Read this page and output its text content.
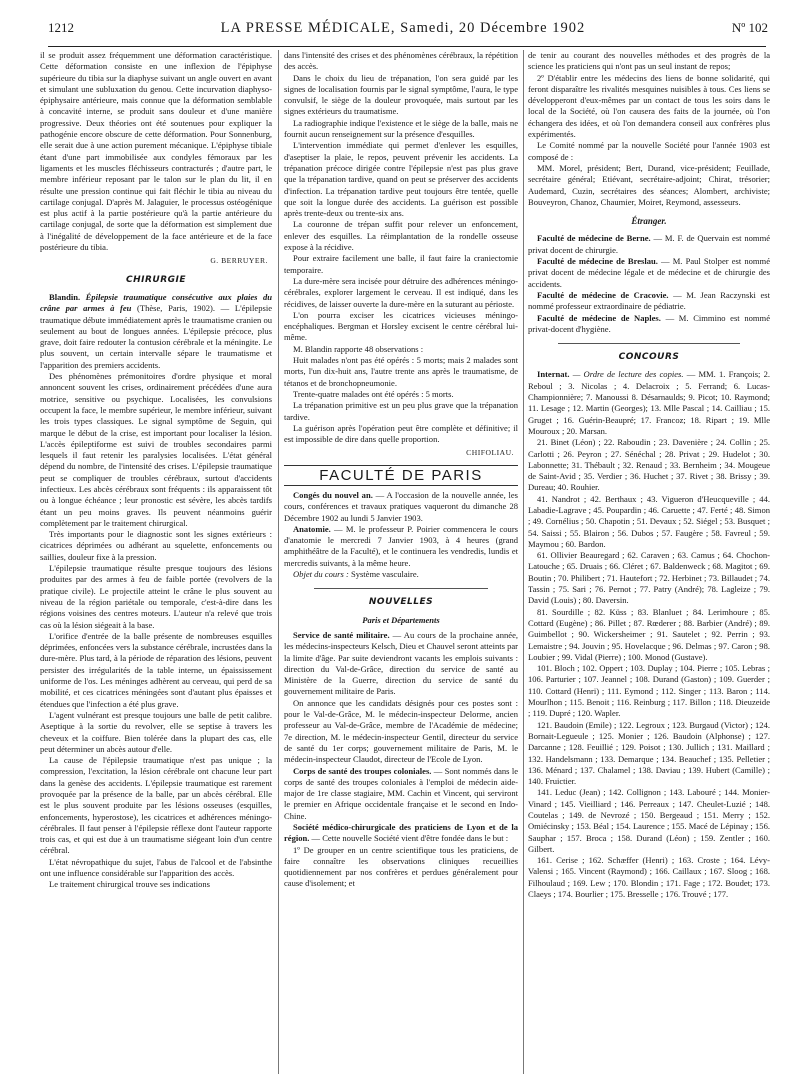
1212	LA PRESSE MÉDICALE, Samedi, 20 Décembre 1902	Nº 102

il se produit assez fréquemment une déformation caractéristique. Cette déformation consiste en une inflexion de l'épiphyse supérieure du tibia sur la diaphyse suivant un angle ouvert en avant et simulant une subluxation du genou. Cette incurvation diaphyso-épiphysaire antérieure, mais connue que la déformation semblable à concavité interne, se produit sans douleur et d'une manière progressive. Deux théories ont été soutenues pour expliquer la pathogénie encore obscure de cette déformation. Pour Sonnenburg, elle serait due à une action purement mécanique. L'épiphyse tibiale étant d'une part immobilisée aux condyles fémoraux par les ligaments et les muscles fléchisseurs contracturés ; d'autre part, le membre inférieur reposant par le talon sur le plan du lit, il en résulte une pression continue qui fait fléchir le tibia au niveau du cartilage conjugal. D'après M. Jalaguier, le processus ostéogénique est plus actif à la partie postérieure qu'à la partie antérieure du cartilage conjugal, de sorte que la déformation est simplement due à l'inégalité de développement de la face antérieure et de la face postérieure du tibia.

G. BERRUYER.
CHIRURGIE

Blandin. Épilepsie traumatique consécutive aux plaies du crâne par armes à feu (Thèse, Paris, 1902). — L'épilepsie traumatique débute immédiatement après le traumatisme cranien ou seulement au bout de longues années. L'épilepsie précoce, plus grave, doit faire redouter la contusion cérébrale et la méningite. Le plus souvent, un certain intervalle sépare le traumatisme et l'apparition des premiers accidents.

Des phénomènes prémonitoires d'ordre physique et moral annoncent souvent les crises, ordinairement précédées d'une aura motrice, sensitive ou psychique. Localisées, les convulsions occupent la face, le membre supérieur, le membre inférieur, suivant les trois types classiques. Le signal symptôme de Seguin, qui marque le début de la crise, est important pour localiser la lésion. L'accès épileptiforme est suivi de troubles secondaires parmi lesquels il faut retenir les paralysies localisées. L'état général dépend du nombre, de l'intensité des crises. L'épilepsie traumatique peut se compliquer de troubles cérébraux, surtout d'accidents infectieux. Les abcès cérébraux sont fréquents : ils apparaissent tôt ou à longue échéance ; leur pronostic est sévère, les abcès tardifs étant un peu moins graves. Ils peuvent néanmoins guérir complètement par le traitement chirurgical.

Très importants pour le diagnostic sont les signes extérieurs : cicatrices déprimées ou adhérant au squelette, enfoncements ou saillies, douleur fixe à la pression.

L'épilepsie traumatique résulte presque toujours des lésions produites par des armes à feu de faible portée (revolvers de la pratique civile). Le projectile atteint le crâne le plus souvent au niveau de la région pariétale ou temporale, c'est-à-dire dans les régions voisines des centres moteurs. L'auteur n'a relevé que trois cas où la lésion siégeait à la base.

L'orifice d'entrée de la balle présente de nombreuses esquilles déprimées, enfoncées vers la substance cérébrale, incrustées dans la dure-mère. Plus tard, à la période de réparation des lésions, peuvent persister des irrégularités de la table interne, un épaississement uniforme de l'os. Les méninges adhèrent au cerveau, qui perd de sa mobilité, et ces cicatrices méningées sont d'autant plus épaisses et étendues que l'infection a été plus grave.

L'agent vulnérant est presque toujours une balle de petit calibre. Aseptique à la sortie du revolver, elle se septise à travers les cheveux et la coiffure. Bien tolérée dans la plupart des cas, elle peut déterminer un abcès autour d'elle.

La cause de l'épilepsie traumatique n'est pas unique ; la compression, l'excitation, la lésion cérébrale ont chacune leur part dans la genèse des accidents. L'épilepsie traumatique est rarement provoquée par la présence de la balle, par un abcès cérébral. Elle est le plus souvent produite par les lésions osseuses (esquilles, enfoncements, hyperostose), les cicatrices et adhérences méningo-cérébrales. Il faut penser à l'épilepsie réflexe dont l'auteur rapporte trois cas, et qui est due à un traumatisme siégeant loin d'un centre cérébral.

L'état névropathique du sujet, l'abus de l'alcool et de l'absinthe ont une influence considérable sur l'apparition des accès.

Le traitement chirurgical trouve ses indications

dans l'intensité des crises et des phénomènes cérébraux, la répétition des accès.

Dans le choix du lieu de trépanation, l'on sera guidé par les signes de localisation fournis par le signal symptôme, l'aura, le type convulsif, le siège de la douleur provoquée, mais surtout par les signes extérieurs du traumatisme.

La radiographie indique l'existence et le siège de la balle, mais ne fournit aucun renseignement sur la présence d'esquilles.

L'intervention immédiate qui permet d'enlever les esquilles, d'aseptiser la plaie, le repos, peuvent prévenir les accidents. La trépanation précoce dirigée contre l'épilepsie n'est pas plus grave que la trépanation tardive, quand on peut se préserver des accidents d'infection. La trépanation tardive peut toujours être tentée, quelle que soit la longue durée des accidents. La guérison est possible après trente-deux ou trente-six ans.

La couronne de trépan suffit pour relever un enfoncement, enlever des esquilles. La réimplantation de la rondelle osseuse expose à la récidive.

Pour extraire facilement une balle, il faut faire la craniectomie temporaire.

La dure-mère sera incisée pour détruire des adhérences méningo-cérébrales, explorer largement le cerveau. Il est indiqué, dans les récidives, de laisser ouverte la dure-mère en la suturant au périoste.

L'on pourra exciser les cicatrices vicieuses méningo-encéphaliques. Bergman et Horsley excisent le centre cérébral lui-même.

M. Blandin rapporte 48 observations :

Huit malades n'ont pas été opérés : 5 morts; mais 2 malades sont morts, l'un dix-huit ans, l'autre trente ans après le traumatisme, de tétanos et de bronchopneumonie.

Trente-quatre malades ont été opérés : 5 morts.

La trépanation primitive est un peu plus grave que la trépanation tardive.

La guérison après l'opération peut être complète et définitive; il est impossible de dire dans quelle proportion.

CHIFOLIAU.
FACULTÉ DE PARIS

Congés du nouvel an. — A l'occasion de la nouvelle année, les cours, conférences et travaux pratiques vaqueront du dimanche 28 Décembre 1902 au lundi 5 Janvier 1903.

Anatomie. — M. le professeur P. Poirier commencera le cours d'anatomie le mercredi 7 Janvier 1903, à 4 heures (grand amphithéâtre de la Faculté), et le continuera les vendredis, lundis et mercredis suivants, à la même heure.

Objet du cours : Système vasculaire.

NOUVELLES
Paris et Départements

Service de santé militaire. — Au cours de la prochaine année, les médecins-inspecteurs Kelsch, Dieu et Chauvel seront atteints par la limite d'âge. Par suite deviendront vacants les emplois suivants : direction du Val-de-Grâce, direction du service de santé au Ministère de la Guerre, direction du service de santé du gouvernement militaire de Paris.

On annonce que les candidats désignés pour ces postes sont : pour le Val-de-Grâce, M. le médecin-inspecteur Delorme, ancien professeur au Val-de-Grâce, membre de l'Académie de médecine; 7e direction, M. le médecin-inspecteur Gentil, directeur du service de santé du 1er corps; gouvernement militaire de Paris, M. le médecin-inspecteur Claudot, directeur de l'Ecole de Lyon.

Corps de santé des troupes coloniales. — Sont nommés dans le corps de santé des troupes coloniales à l'emploi de médecin aide-major de 1re classe stagiaire, MM. Cachin et Vincent, qui serviront le premier en Afrique occidentale française et le second en Indo-Chine.

Société médico-chirurgicale des praticiens de Lyon et de la région. — Cette nouvelle Société vient d'être fondée dans le but :

1º De grouper en un centre scientifique tous les praticiens, de faire connaître les observations cliniques recueillies quotidiennement par nos confrères et perdues généralement pour cause d'isolement; et

de tenir au courant des nouvelles méthodes et des progrès de la science les praticiens qui n'ont pas un seul instant de repos;

2º D'établir entre les médecins des liens de bonne solidarité, qui feront disparaître les rivalités mesquines nuisibles à tous. Ces liens se développeront d'eux-mêmes par un contact de tous les soirs dans le local de la Société, où l'on causera des faits de la journée, où l'on échangera des idées, et où l'on demandera conseil aux confrères plus expérimentés.

Le Comité nommé par la nouvelle Société pour l'année 1903 est composé de :

MM. Morel, président; Bert, Durand, vice-président; Feuillade, secrétaire général; Etiévant, secrétaire-adjoint; Chirat, trésorier; Audemard, Cuzin, secrétaires des séances; Alombert, archiviste; Bouveyron, Chanoz, Chaumier, Moiret, Reymond, assesseurs.

Étranger.

Faculté de médecine de Berne. — M. F. de Quervain est nommé privat docent de chirurgie.

Faculté de médecine de Breslau. — M. Paul Stolper est nommé privat docent de médecine légale et de médecine et de chirurgie des accidents.

Faculté de médecine de Cracovie. — M. Jean Raczynski est nommé professeur extraordinaire de pédiatrie.

Faculté de médecine de Naples. — M. Cimmino est nommé privat-docent d'hygiène.

CONCOURS

Internat. — Ordre de lecture des copies. — MM. 1. François; 2. Reboul ; 3. Nicolas ; 4. Delacroix ; 5. Ferrand; 6. Lucas-Championnière; 7. Manoussi 8. Désarnaulds; 9. Picot; 10. Raymond; 11. Lesage ; 12. Martin (Georges); 13. Mlle Pascal ; 14. Cailliau ; 15. Gruget ; 16. Guérin-Beaupré; 17. Francoz; 18. Ripart ; 19. Mlle Mouroux ; 20. Marsan.

21. Binet (Léon) ; 22. Raboudin ; 23. Davenière ; 24. Collin ; 25. Carlotti ; 26. Peyron ; 27. Sénéchal ; 28. Privat ; 29. Hudelot ; 30. Labonnette; 31. Thébault ; 32. Renaud ; 33. Bernheim ; 34. Mougeue de Saint-Avid ; 35. Verdier ; 36. Huchet ; 37. Rivet ; 38. Brissy ; 39. Dureau; 40. Rouhier.

41. Nandrot ; 42. Berthaux ; 43. Vigueron d'Heucqueville ; 44. Labadie-Lagrave ; 45. Poupardin ; 46. Caruette ; 47. Ferté ; 48. Simon ; 49. Cornélius ; 50. Chapotin ; 51. Devaux ; 52. Siégel ; 53. Busquet ; 54. Saissi ; 55. Blairon ; 56. Dubos ; 57. Faugère ; 58. Favreul ; 59. Maymou ; 60. Bardon.

61. Ollivier Beauregard ; 62. Caraven ; 63. Camus ; 64. Chochon-Latouche ; 65. Druais ; 66. Cléret ; 67. Baldenweck ; 68. Magitot ; 69. Boutin ; 70. Philibert ; 71. Hautefort ; 72. Herbinet ; 73. Billaudet ; 74. Tassin ; 75. Sari ; 76. Pernot ; 77. Patry (André); 78. Lagleize ; 79. David (Louis) ; 80. Daversin.

81. Sourdille ; 82. Küss ; 83. Blanluet ; 84. Lerimhoure ; 85. Cottard (Eugène) ; 86. Pillet ; 87. Rœderer ; 88. Barbier (André) ; 89. Guimbellot ; 90. Wickersheimer ; 91. Sautelet ; 92. Perrin ; 93. Lemaistre ; 94. Jouvin ; 95. Hovelacque ; 96. Delmas ; 97. Caron ; 98. Loubier ; 99. Vidal (Pierre) ; 100. Monod (Gustave).

101. Bloch ; 102. Oppert ; 103. Duplay ; 104. Pierre ; 105. Lebras ; 106. Parturier ; 107. Jeannel ; 108. Durand (Gaston) ; 109. Guerder ; 110. Cottard (Henri) ; 111. Eymond ; 112. Singer ; 113. Baron ; 114. Mourlhon ; 115. Benoit ; 116. Reinburg ; 117. Billon ; 118. Dieuzeide ; 119. Dupré ; 120. Wapler.

121. Baudoin (Emile) ; 122. Legroux ; 123. Burgaud (Victor) ; 124. Bornait-Legueule ; 125. Monier ; 126. Baudoin (Alphonse) ; 127. Darcanne ; 128. Feuillié ; 129. Poisot ; 130. Jullich ; 131. Maillard ; 132. Handelsmann ; 133. Demarque ; 134. Beauchef ; 135. Pelletier ; 136. Ménard ; 137. Chalamel ; 138. Daviau ; 139. Hubert (Camille) ; 140. Fruictier.

141. Leduc (Jean) ; 142. Collignon ; 143. Labouré ; 144. Monier-Vinard ; 145. Vieilliard ; 146. Perreaux ; 147. Cheulet-Luzié ; 148. Coutelas ; 149. de Nevrozé ; 150. Bergeaud ; 151. Merry ; 152. Omiécinsky ; 153. Béal ; 154. Laurence ; 155. Macé de Lépinay ; 156. Sauphar ; 157. Broca ; 158. Durand (Léon) ; 159. Zentler ; 160. Gilbert.

161. Cerise ; 162. Schæffer (Henri) ; 163. Croste ; 164. Lévy-Valensi ; 165. Vincent (Raymond) ; 166. Caillaux ; 167. Sloog ; 168. Filhoulaud ; 169. Lew ; 170. Blondin ; 171. Fage ; 172. Boudet; 173. Claeys ; 174. Bourlier ; 175. Bresselle ; 176. Trouvé ; 177.
